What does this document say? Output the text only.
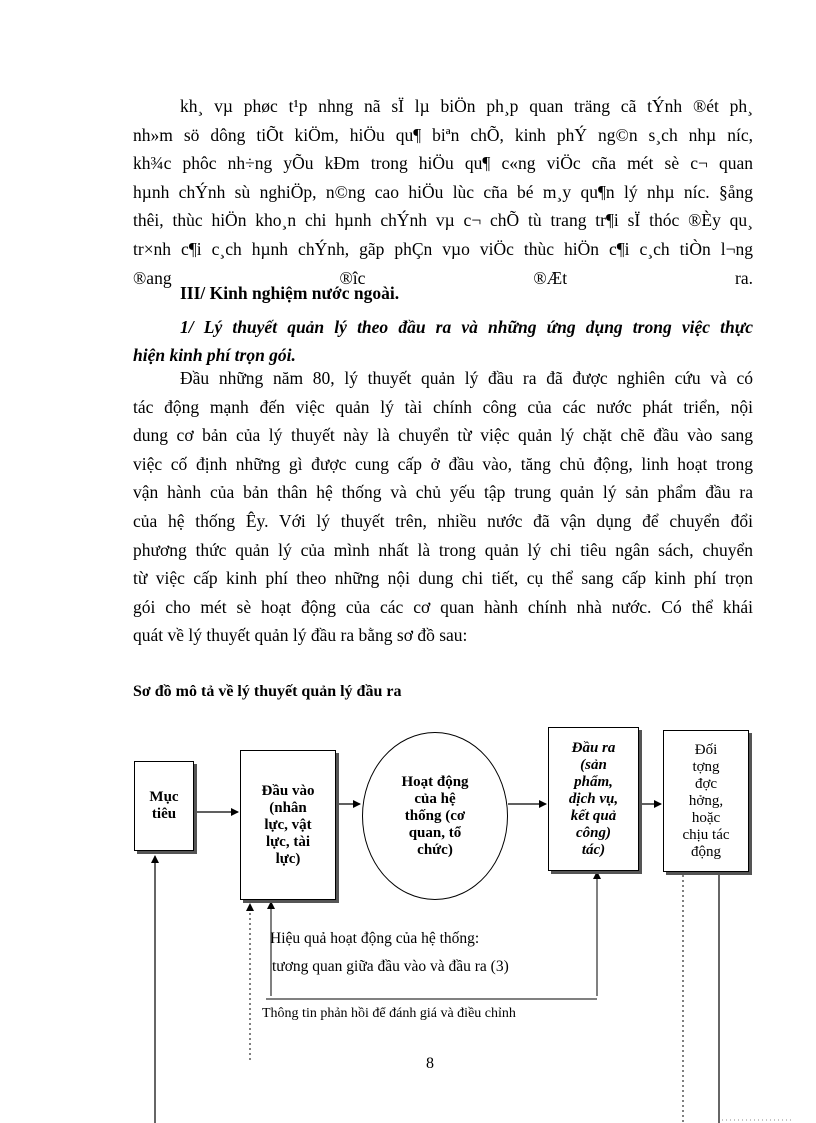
kh¸ vµ phøc t¹p nhng nã sÏ lµ biÖn ph¸p quan träng cã tÝnh ®ét ph¸
nh»m sö dông tiÕt kiÖm, hiÖu qu¶ biªn chÕ, kinh phÝ ng©n s¸ch nhµ níc,
kh¾c phôc nh÷ng yÕu kÐm trong hiÖu qu¶ c«ng viÖc cña mét sè c¬ quan
hµnh chÝnh sù nghiÖp, n©ng cao hiÖu lùc cña bé m¸y qu¶n lý nhµ níc. §ång
thêi, thùc hiÖn kho¸n chi hµnh chÝnh vµ c¬ chÕ tù trang tr¶i sÏ thóc ®Èy qu¸
tr×nh c¶i c¸ch hµnh chÝnh, gãp phÇn vµo viÖc thùc hiÖn c¶i c¸ch tiÒn l¬ng
®ang ®îc ®Æt ra.
III/ Kinh nghiệm nước ngoài.
1/ Lý thuyết quản lý theo đầu ra và những ứng dụng trong việc thực
hiện kinh phí trọn gói.
Đầu những năm 80, lý thuyết quản lý đầu ra đã được nghiên cứu và có
tác động mạnh đến việc quản lý tài chính công của các nước phát triển, nội
dung cơ bản của lý thuyết này là chuyển từ việc quản lý chặt chẽ đầu vào sang
việc cố định những gì được cung cấp ở đầu vào, tăng chủ động, linh hoạt trong
vận hành của bản thân hệ thống và chủ yếu tập trung quản lý sản phẩm đầu ra
của hệ thống Êy. Với lý thuyết trên, nhiều nước đã vận dụng để chuyển đổi
phương thức quản lý của mình nhất là trong quản lý chi tiêu ngân sách, chuyển
từ việc cấp kinh phí theo những nội dung chi tiết, cụ thể sang cấp kinh phí trọn
gói cho mét sè hoạt động của các cơ quan hành chính nhà nước. Có thể khái
quát về lý thuyết quản lý đầu ra bằng sơ đồ sau:
Sơ đồ mô tả về lý thuyết quản lý đầu ra
Mục
tiêu
Đầu vào
(nhân
lực, vật
lực, tài
lực)
Hoạt động
của hệ
thống (cơ
quan, tổ
chức)
Đầu ra
(sản
phẩm,
dịch vụ,
kết quả
công)
tác)
Đối
tợng
đợc
hởng,
hoặc
chịu tác
động
Hiệu quả hoạt động của hệ thống:
tương quan giữa đầu vào và đầu ra (3)
Thông tin phản hồi để đánh giá và điều chỉnh
8
